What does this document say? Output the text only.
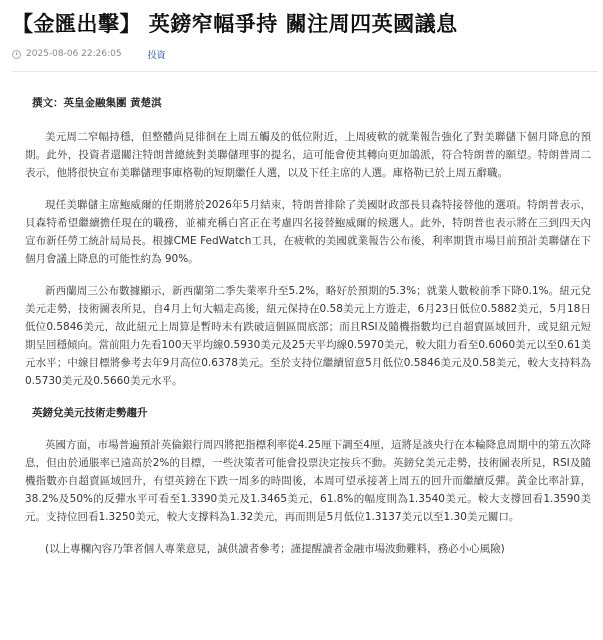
【金匯出擊】 英鎊窄幅爭持 關注周四英國議息
2025-08-06 22:26:05	投資

撰文：英皇金融集團 黄楚淇

美元周二窄幅持穩，但整體尚見徘徊在上周五觸及的低位附近，上周疲軟的就業報告強化了對美聯儲下個月降息的預期。此外，投資者還關注特朗普總統對美聯儲理事的提名，這可能會使其轉向更加鴿派，符合特朗普的願望。特朗普周二表示，他將很快宣布美聯儲理事庫格勒的短期繼任人選，以及下任主席的人選。庫格勒已於上周五辭職。

現任美聯儲主席鮑威爾的任期將於2026年5月結束，特朗普排除了美國財政部長貝森特接替他的選項。特朗普表示，貝森特希望繼續擔任現在的職務，並補充稱白宮正在考慮四名接替鮑威爾的候選人。此外，特朗普也表示將在三到四天內宣布新任勞工統計局局長。根據CME FedWatch工具，在疲軟的美國就業報告公布後，利率期貨市場目前預計美聯儲在下個月會議上降息的可能性約為 90%。

新西蘭周三公布數據顯示，新西蘭第二季失業率升至5.2%，略好於預期的5.3%；就業人數較前季下降0.1%。紐元兌美元走勢，技術圖表所見，自4月上旬大幅走高後，紐元保持在0.58美元上方遊走，6月23日低位0.5882美元，5月18日低位0.5846美元，故此紐元上周算是暫時未有跌破這個區間底部；而且RSI及隨機指數均已自超賣區域回升，或見紐元短期呈回穩傾向。當前阻力先看100天平均線0.5930美元及25天平均線0.5970美元，較大阻力看至0.6060美元以至0.61美元水平；中線目標將參考去年9月高位0.6378美元。至於支持位繼續留意5月低位0.5846美元及0.58美元，較大支持料為0.5730美元及0.5660美元水平。

英鎊兌美元技術走勢趨升

英國方面，市場普遍預計英倫銀行周四將把指標利率從4.25厘下調至4厘，這將是該央行在本輪降息周期中的第五次降息，但由於通脹率已遠高於2%的目標，一些決策者可能會投票決定按兵不動。英鎊兌美元走勢，技術圖表所見，RSI及隨機指數亦自超賣區域回升，有望英鎊在下跌一周多的時間後，本周可望承接著上周五的回升而繼續反彈。黃金比率計算，38.2%及50%的反彈水平可看至1.3390美元及1.3465美元，61.8%的幅度則為1.3540美元。較大支撐回看1.3590美元。支持位回看1.3250美元，較大支撐料為1.32美元，再而則是5月低位1.3137美元以至1.30美元關口。

(以上專欄內容乃筆者個人專業意見，誠供讀者參考；謹提醒讀者金融市場波動難料，務必小心風險)
